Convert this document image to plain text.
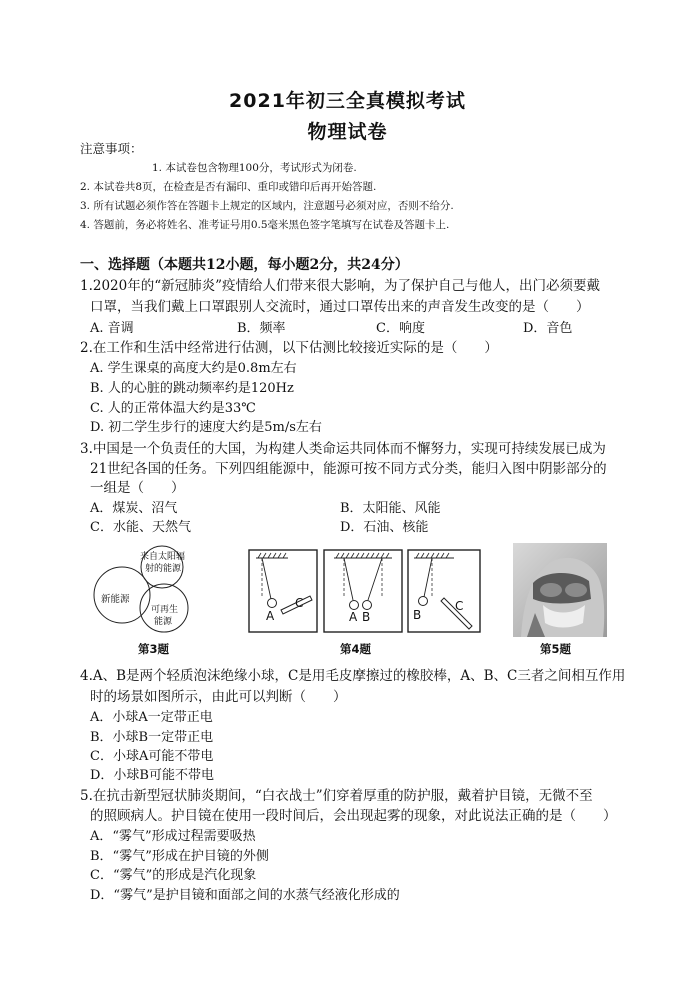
2021年初三全真模拟考试
物理试卷
注意事项：
1. 本试卷包含物理100分，考试形式为闭卷.
2. 本试卷共8页，在检查是否有漏印、重印或错印后再开始答题.
3. 所有试题必须作答在答题卡上规定的区域内，注意题号必须对应，否则不给分.
4. 答题前，务必将姓名、准考证号用0.5毫米黑色签字笔填写在试卷及答题卡上.
一、选择题（本题共12小题，每小题2分，共24分）
1.2020年的“新冠肺炎”疫情给人们带来很大影响，为了保护自己与他人，出门必须要戴
口罩，当我们戴上口罩跟别人交流时，通过口罩传出来的声音发生改变的是（　　）
A. 音调	B．频率	C．响度	D．音色
2.在工作和生活中经常进行估测，以下估测比较接近实际的是（　　）
A. 学生课桌的高度大约是0.8m左右
B. 人的心脏的跳动频率约是120Hz
C. 人的正常体温大约是33℃
D. 初二学生步行的速度大约是5m/s左右
3.中国是一个负责任的大国，为构建人类命运共同体而不懈努力，实现可持续发展已成为
21世纪各国的任务。下列四组能源中，能源可按不同方式分类，能归入图中阴影部分的
一组是（　　）
A．煤炭、沼气	B．太阳能、风能
C．水能、天然气	D．石油、核能
来自太阳辐
射的能源
新能源
可再生
能源	A
C
A B	B
C
第3题	第4题	第5题
4.A、B是两个轻质泡沫绝缘小球，C是用毛皮摩擦过的橡胶棒，A、B、C三者之间相互作用
时的场景如图所示，由此可以判断（　　）
A．小球A一定带正电
B．小球B一定带正电
C．小球A可能不带电
D．小球B可能不带电
5.在抗击新型冠状肺炎期间，“白衣战士”们穿着厚重的防护服，戴着护目镜，无微不至
的照顾病人。护目镜在使用一段时间后，会出现起雾的现象，对此说法正确的是（　　）
A．“雾气”形成过程需要吸热
B．“雾气”形成在护目镜的外侧
C．“雾气”的形成是汽化现象
D．“雾气”是护目镜和面部之间的水蒸气经液化形成的
